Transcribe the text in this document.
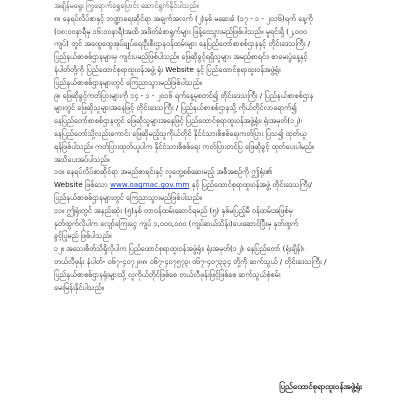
အချိန်မရွေး ကြွရောက်ရွှေပြောင်း ဆောင်ရွက်နိုင်ပါသည်။
၈။ နေရပ်လိပ်စာနှင့် ဘဏ္ဍာရေးဆိုင်ရာ အချက်အလက် (၂)နှစ် မဆေးခံ (၁၇ - ၁ - ၂၀၁၆)ရက် နေ့ကို
(၀၈:၀၀နာရီမှ ၁၆:၀၀နာရီ)အထိ အဖိတ်ခံစာရွက်များ ဖြန့်ဝေသွားမည်ဖြစ်ပါသည်။ မူရင်းရှိ (၂,၀၀၀
ကျပ်) တွင် အထွေထွေအုပ်ချုပ်ရေးဦးစီးဌာနဝန်ထမ်းများ နေပြည်တော်စာစစ်ဌာနနှင့် တိုင်းဒေသကြီး /
ပြည်နယ်စာစစ်ဌာနများမှ ကျင်းပမည်ဖြစ်ပါသည်။ ဖြေဆိုခွင့်ရရှိသူများ အမည်စာရင်း၊ စာမေးပွဲနေ့နှင့်
နံပါတ်တို့ကို ပြည်ထောင်စုရာထူးဝန်အဖွဲ့ ရုံး Website နှင့် ပြည်ထောင်စုရာထူးဝန်အဖွဲ့ရုံး
ပြည်နယ်စာစစ်ဌာနများတွင် ကြေညာသွားမည်ဖြစ်ပါသည်။
၉။ ဖြေဆိုခွင့်ကတ်ပြားများကို ၁၄ - ၁ - ၂၀၁၆ ရက်နေ့မှစတင်၍ တိုင်းဒေသကြီး / ပြည်နယ်စာစစ်ဌာန
များတွင် ဖြေဆိုသူများအနေဖြင့် တိုင်းဒေသကြီး / ပြည်နယ်စာစစ်ဌာနသို့ ကိုယ်တိုင်လာရောက်၍
နေပြည်တော်စာစစ်ဌာနတွင် ဖြေဆိုသူများအနေဖြင့် ပြည်ထောင်စုရာထူးဝန်အဖွဲ့ရုံး၊ ရုံးအမှတ်(၁၂)၊
နေပြည်တော်သို့လည်းကောင်း ဖြေဆိုမည့်သူကိုယ်တိုင် နိုင်ငံသားစိစစ်ရေးကတ်ပြား ပြသ၍ ထုတ်ယူ
ရန်ဖြစ်ပါသည်။ ကတ်ပြားထုတ်ယူပါက နိုင်ငံသားစိစစ်ရေး ကတ်ပြားတင်ပြ ဖြေဆိုခွင့် ထုတ်ပေးပါမည်။
အသိပေးအပ်ပါသည်။
၁၀။ နေရပ်လိပ်စာဆိုင်ရာ အမည်စာရင်းနှင့် လူတွေ့စစ်ဆေးမည့် အစီအစဉ်ကို ဤရုံး၏
Website ဖြစ်သော www.oagmac.gov.mm နှင့် ပြည်ထောင်စုရာထူးဝန်အဖွဲ့ တိုင်းဒေသကြီး/
ပြည်နယ်စာစစ်ဌာနများတွင် ကြေညာသွားမည်ဖြစ်ပါသည်။
၁၁။ ဤရုံးတွင် အနည်းဆုံး (၅)နှစ် တာဝန်ထမ်းဆောင်ရမည် (၅) နှစ်မပြည့်မီ ဝန်ထမ်းအဖြစ်မှ
နုတ်ထွက်လိုပါက လျော်ကြေးငွေ ကျပ် ၁,၀၀၀,၀၀၀ (ကျပ်ဆယ်သိန်း)ပေးဆောင်ပြီးမှ နုတ်ထွက်
ခွင့်ပြုမည် ဖြစ်ပါသည်။
၁၂။ အသေးစိတ်သိရှိလိုပါက ပြည်ထောင်စုရာထူးဝန်အဖွဲ့ရုံး၊ ရုံးအမှတ်(၁၂)၊ နေပြည်တော် (ရုံးချိန်)၊
တယ်လီဖုန်း နံပါတ်- ၀၆၇-၄၀၇၂၈၈၊ ၀၆၇-၄၀၇၅၇၃၊ ၀၆၇-၄၀၇၃၃၄ တို့ကို ဆက်သွယ် / တိုင်းဒေသကြီး /
ပြည်နယ်စာစစ်ဌာနရုံးများသို့ လူကိုယ်တိုင်ဖြစ်စေ တယ်လီဖုန်းဖြင့်ဖြစ်စေ ဆက်သွယ်စုံစမ်း
မေးမြန်းနိုင်ပါသည်။
ပြည်ထောင်စုရာထူးဝန်အဖွဲ့ရုံး
